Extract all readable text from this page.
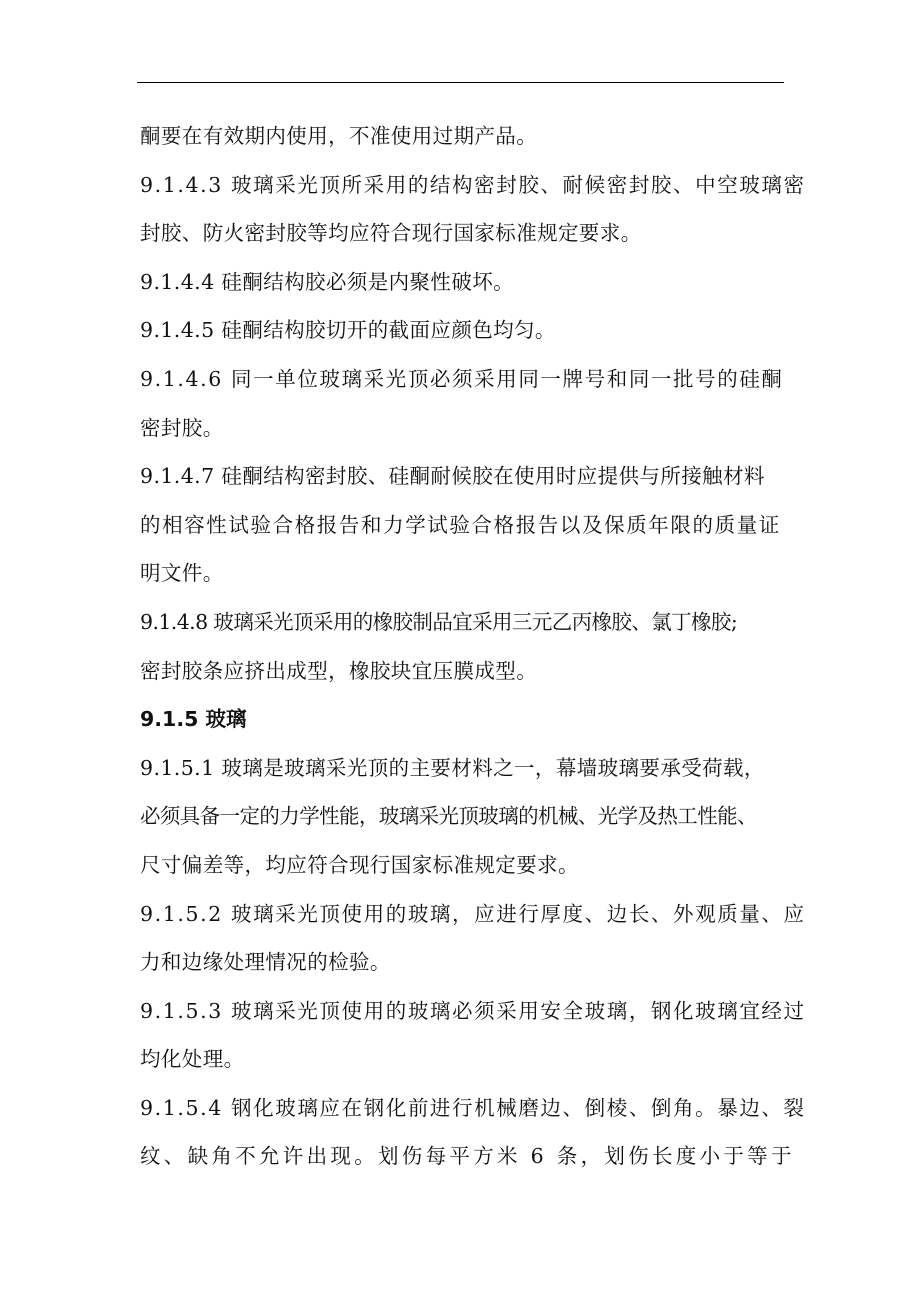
酮要在有效期内使用，不准使用过期产品。
9.1.4.3 玻璃采光顶所采用的结构密封胶、耐候密封胶、中空玻璃密
封胶、防火密封胶等均应符合现行国家标准规定要求。
9.1.4.4 硅酮结构胶必须是内聚性破坏。
9.1.4.5 硅酮结构胶切开的截面应颜色均匀。
9.1.4.6 同一单位玻璃采光顶必须采用同一牌号和同一批号的硅酮
密封胶。
9.1.4.7 硅酮结构密封胶、硅酮耐候胶在使用时应提供与所接触材料
的相容性试验合格报告和力学试验合格报告以及保质年限的质量证
明文件。
9.1.4.8 玻璃采光顶采用的橡胶制品宜采用三元乙丙橡胶、氯丁橡胶;
密封胶条应挤出成型，橡胶块宜压膜成型。
9.1.5 玻璃
9.1.5.1 玻璃是玻璃采光顶的主要材料之一，幕墙玻璃要承受荷载，
必须具备一定的力学性能，玻璃采光顶玻璃的机械、光学及热工性能、
尺寸偏差等，均应符合现行国家标准规定要求。
9.1.5.2 玻璃采光顶使用的玻璃，应进行厚度、边长、外观质量、应
力和边缘处理情况的检验。
9.1.5.3 玻璃采光顶使用的玻璃必须采用安全玻璃，钢化玻璃宜经过
均化处理。
9.1.5.4 钢化玻璃应在钢化前进行机械磨边、倒棱、倒角。暴边、裂
纹、缺角不允许出现。划伤每平方米 6 条，划伤长度小于等于
